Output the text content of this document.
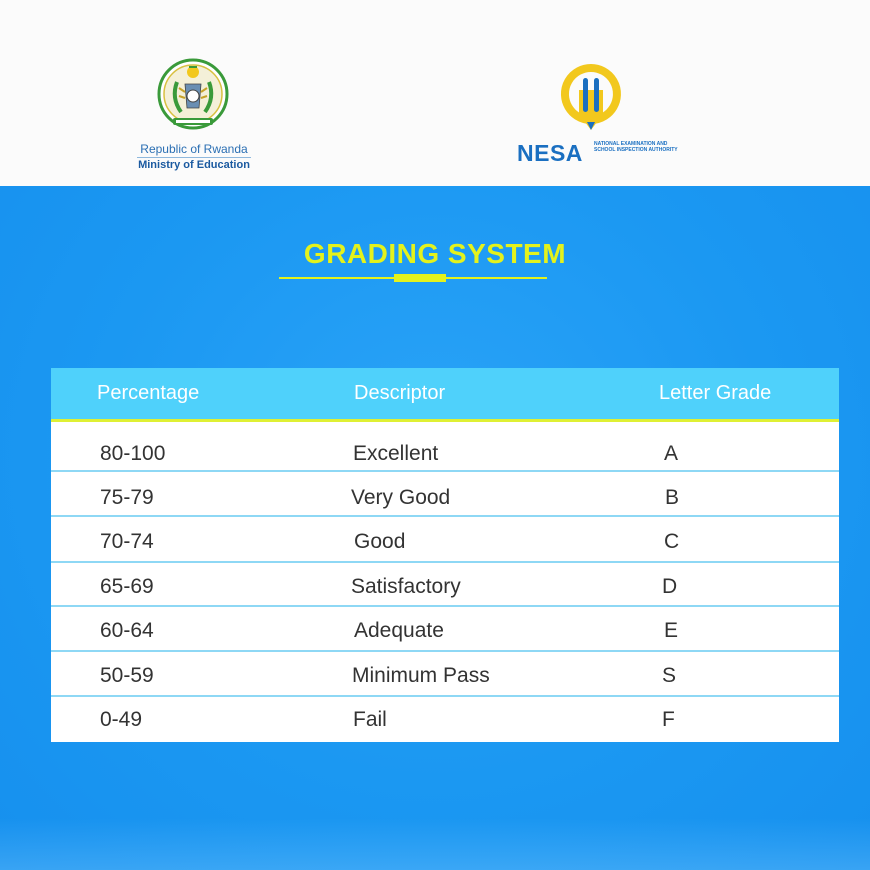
Republic of Rwanda
Ministry of Education	NESA NATIONAL EXAMINATION AND SCHOOL INSPECTION AUTHORITY
GRADING SYSTEM
Percentage	Descriptor	Letter Grade
80-100	Excellent	A
75-79	Very Good	B
70-74	Good	C
65-69	Satisfactory	D
60-64	Adequate	E
50-59	Minimum Pass	S
0-49	Fail	F
